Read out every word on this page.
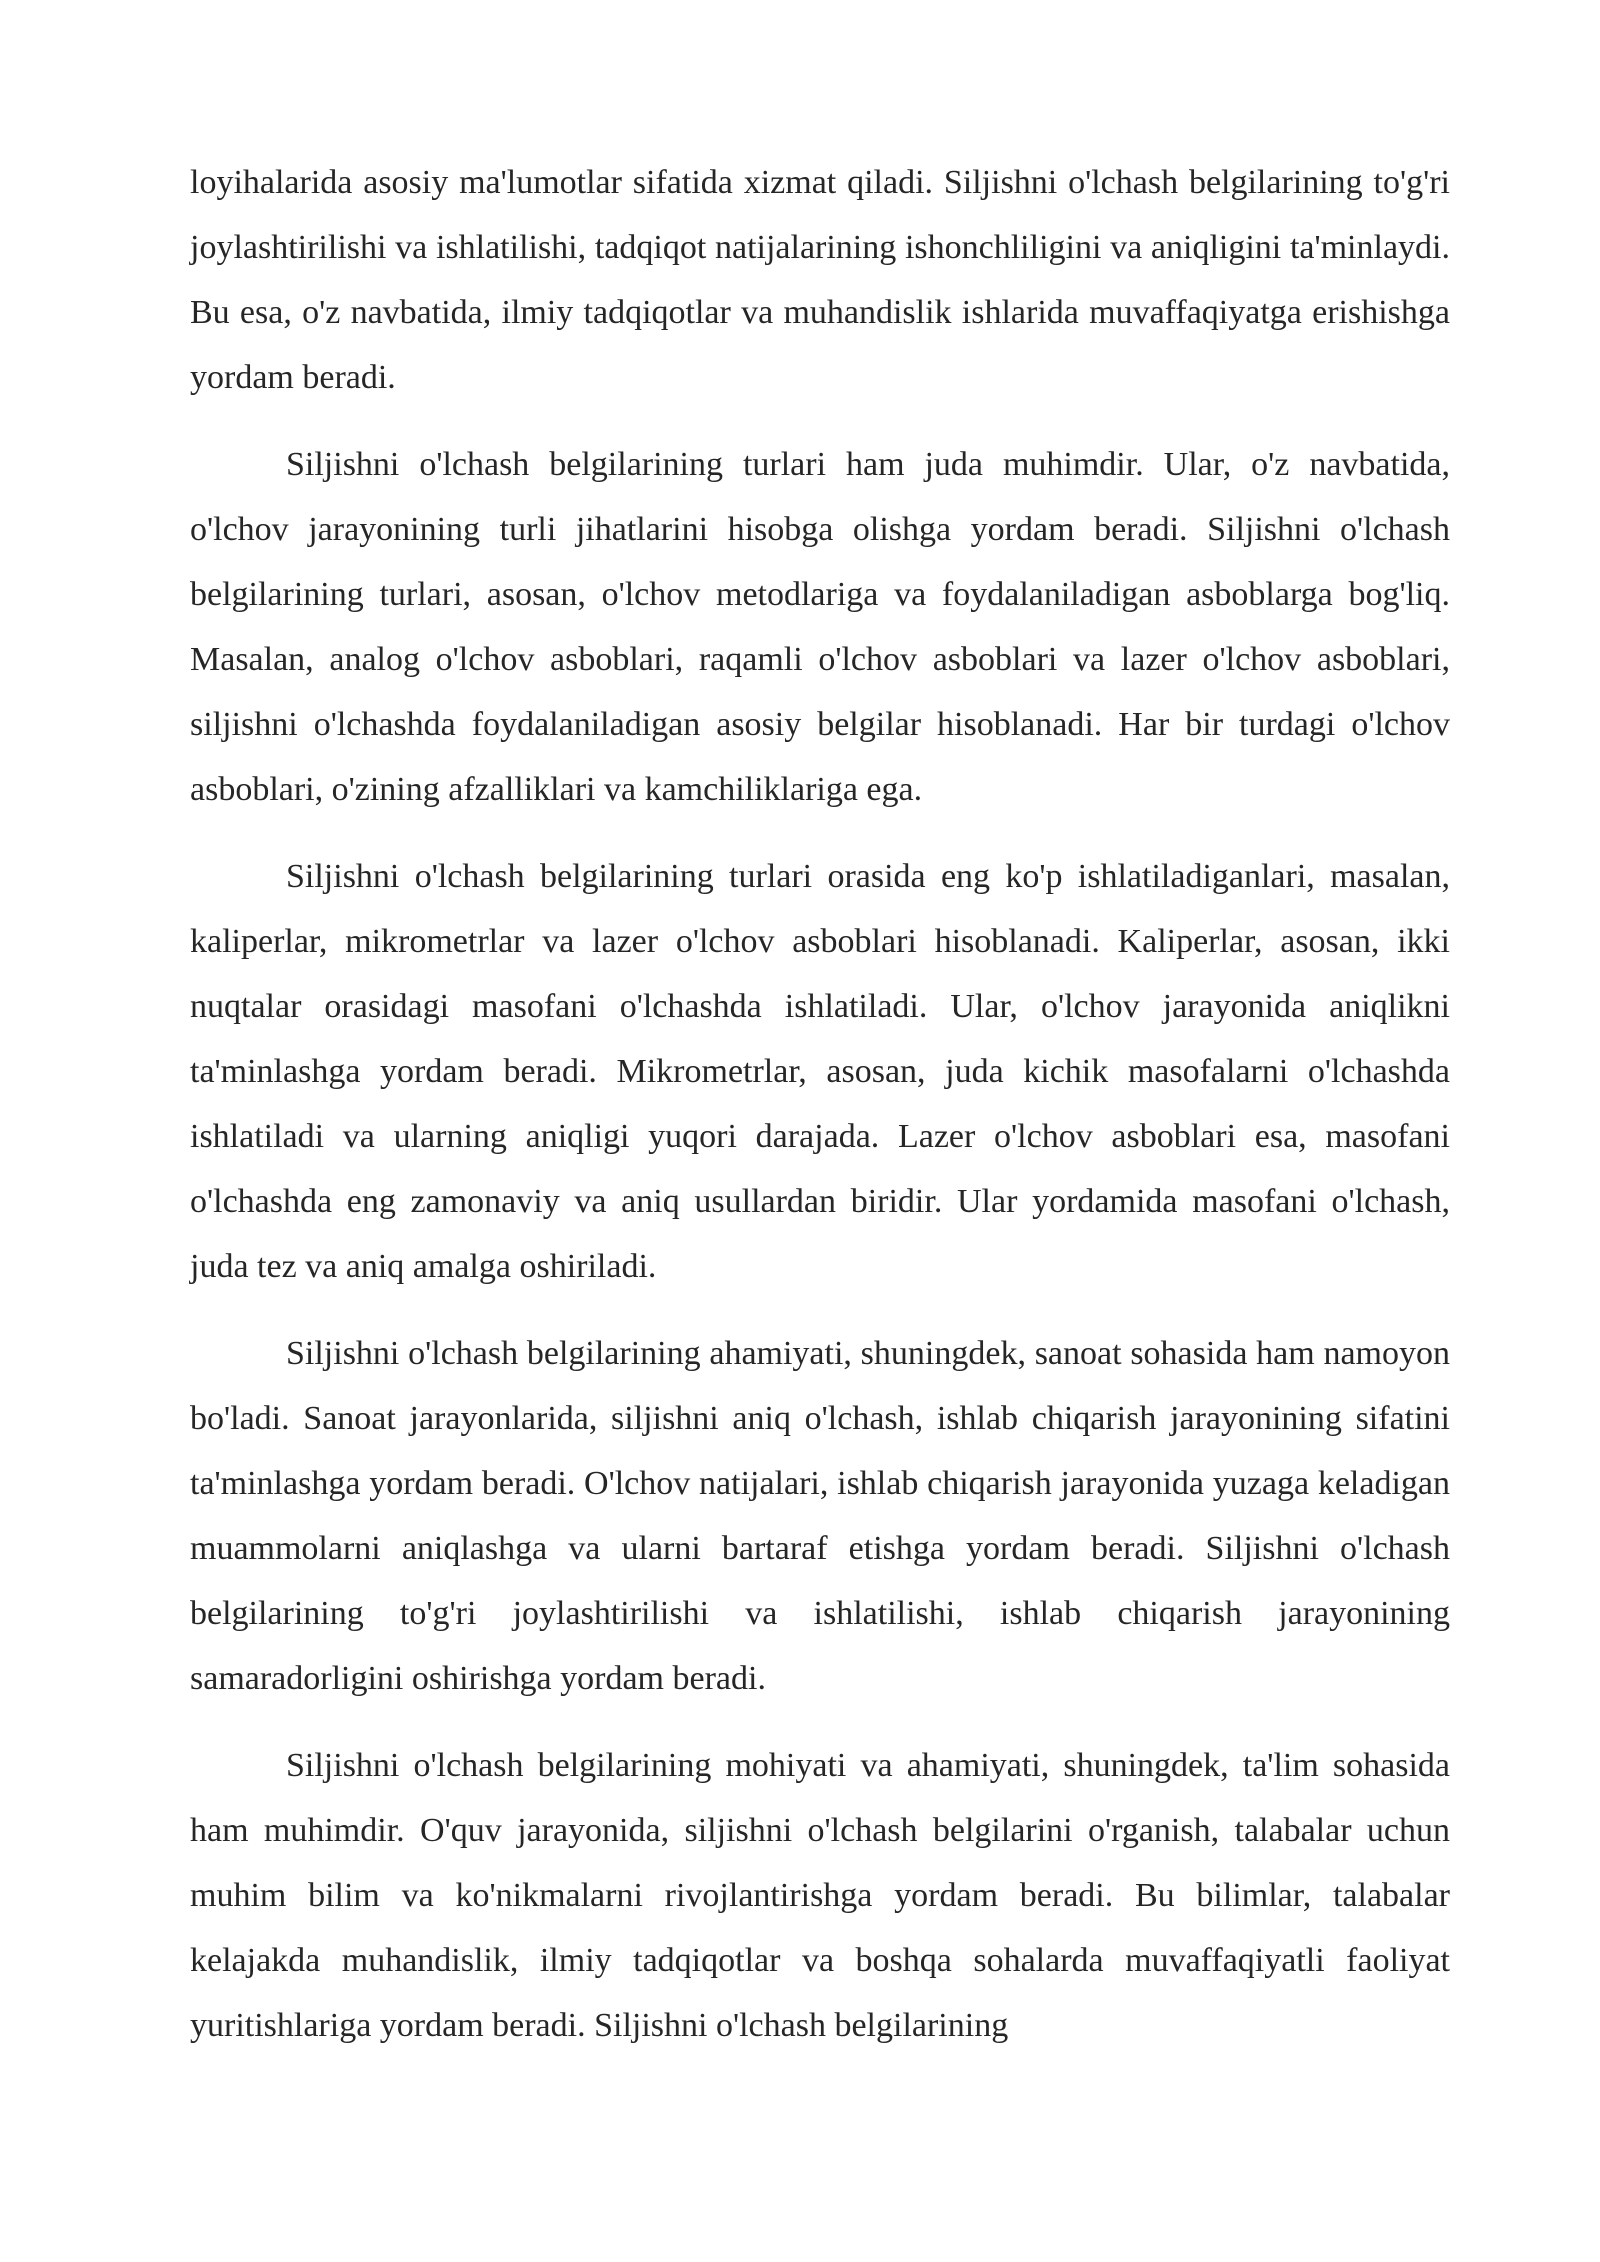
loyihalarida asosiy ma'lumotlar sifatida xizmat qiladi. Siljishni o'lchash belgilarining to'g'ri joylashtirilishi va ishlatilishi, tadqiqot natijalarining ishonchliligini va aniqligini ta'minlaydi. Bu esa, o'z navbatida, ilmiy tadqiqotlar va muhandislik ishlarida muvaffaqiyatga erishishga yordam beradi.

Siljishni o'lchash belgilarining turlari ham juda muhimdir. Ular, o'z navbatida, o'lchov jarayonining turli jihatlarini hisobga olishga yordam beradi. Siljishni o'lchash belgilarining turlari, asosan, o'lchov metodlariga va foydalaniladigan asboblarga bog'liq. Masalan, analog o'lchov asboblari, raqamli o'lchov asboblari va lazer o'lchov asboblari, siljishni o'lchashda foydalaniladigan asosiy belgilar hisoblanadi. Har bir turdagi o'lchov asboblari, o'zining afzalliklari va kamchiliklariga ega.

Siljishni o'lchash belgilarining turlari orasida eng ko'p ishlatiladiganlari, masalan, kaliperlar, mikrometrlar va lazer o'lchov asboblari hisoblanadi. Kaliperlar, asosan, ikki nuqtalar orasidagi masofani o'lchashda ishlatiladi. Ular, o'lchov jarayonida aniqlikni ta'minlashga yordam beradi. Mikrometrlar, asosan, juda kichik masofalarni o'lchashda ishlatiladi va ularning aniqligi yuqori darajada. Lazer o'lchov asboblari esa, masofani o'lchashda eng zamonaviy va aniq usullardan biridir. Ular yordamida masofani o'lchash, juda tez va aniq amalga oshiriladi.

Siljishni o'lchash belgilarining ahamiyati, shuningdek, sanoat sohasida ham namoyon bo'ladi. Sanoat jarayonlarida, siljishni aniq o'lchash, ishlab chiqarish jarayonining sifatini ta'minlashga yordam beradi. O'lchov natijalari, ishlab chiqarish jarayonida yuzaga keladigan muammolarni aniqlashga va ularni bartaraf etishga yordam beradi. Siljishni o'lchash belgilarining to'g'ri joylashtirilishi va ishlatilishi, ishlab chiqarish jarayonining samaradorligini oshirishga yordam beradi.

Siljishni o'lchash belgilarining mohiyati va ahamiyati, shuningdek, ta'lim sohasida ham muhimdir. O'quv jarayonida, siljishni o'lchash belgilarini o'rganish, talabalar uchun muhim bilim va ko'nikmalarni rivojlantirishga yordam beradi. Bu bilimlar, talabalar kelajakda muhandislik, ilmiy tadqiqotlar va boshqa sohalarda muvaffaqiyatli faoliyat yuritishlariga yordam beradi. Siljishni o'lchash belgilarining
